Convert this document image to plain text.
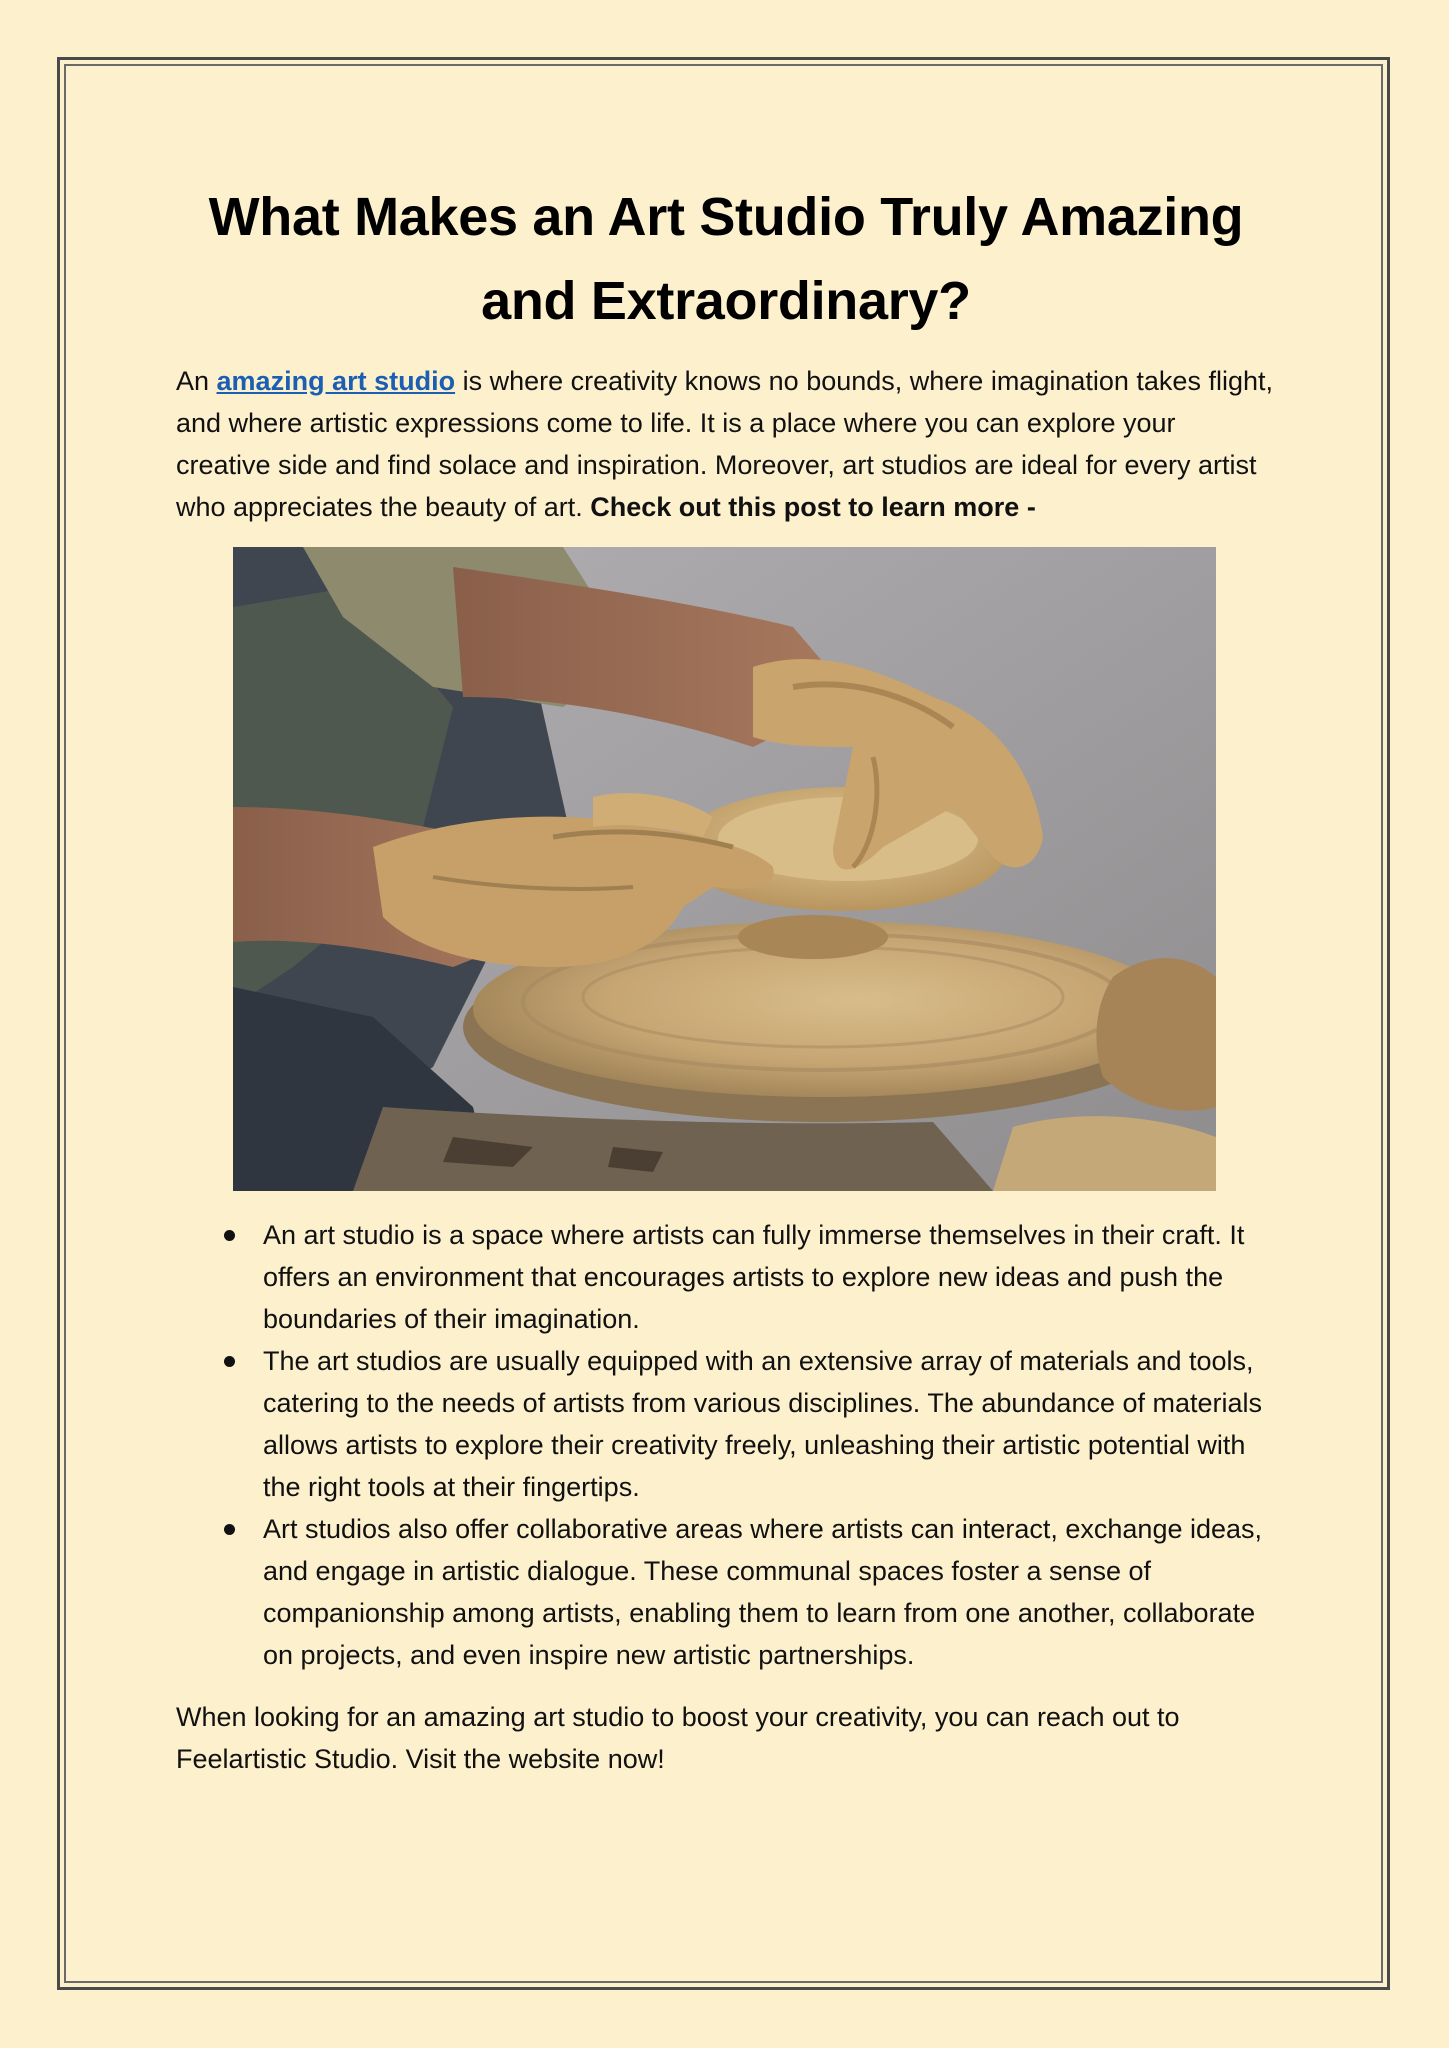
What Makes an Art Studio Truly Amazing and Extraordinary?

An amazing art studio is where creativity knows no bounds, where imagination takes flight, and where artistic expressions come to life. It is a place where you can explore your creative side and find solace and inspiration. Moreover, art studios are ideal for every artist who appreciates the beauty of art. Check out this post to learn more -

An art studio is a space where artists can fully immerse themselves in their craft. It offers an environment that encourages artists to explore new ideas and push the boundaries of their imagination.
The art studios are usually equipped with an extensive array of materials and tools, catering to the needs of artists from various disciplines. The abundance of materials allows artists to explore their creativity freely, unleashing their artistic potential with the right tools at their fingertips.
Art studios also offer collaborative areas where artists can interact, exchange ideas, and engage in artistic dialogue. These communal spaces foster a sense of companionship among artists, enabling them to learn from one another, collaborate on projects, and even inspire new artistic partnerships.

When looking for an amazing art studio to boost your creativity, you can reach out to Feelartistic Studio. Visit the website now!
